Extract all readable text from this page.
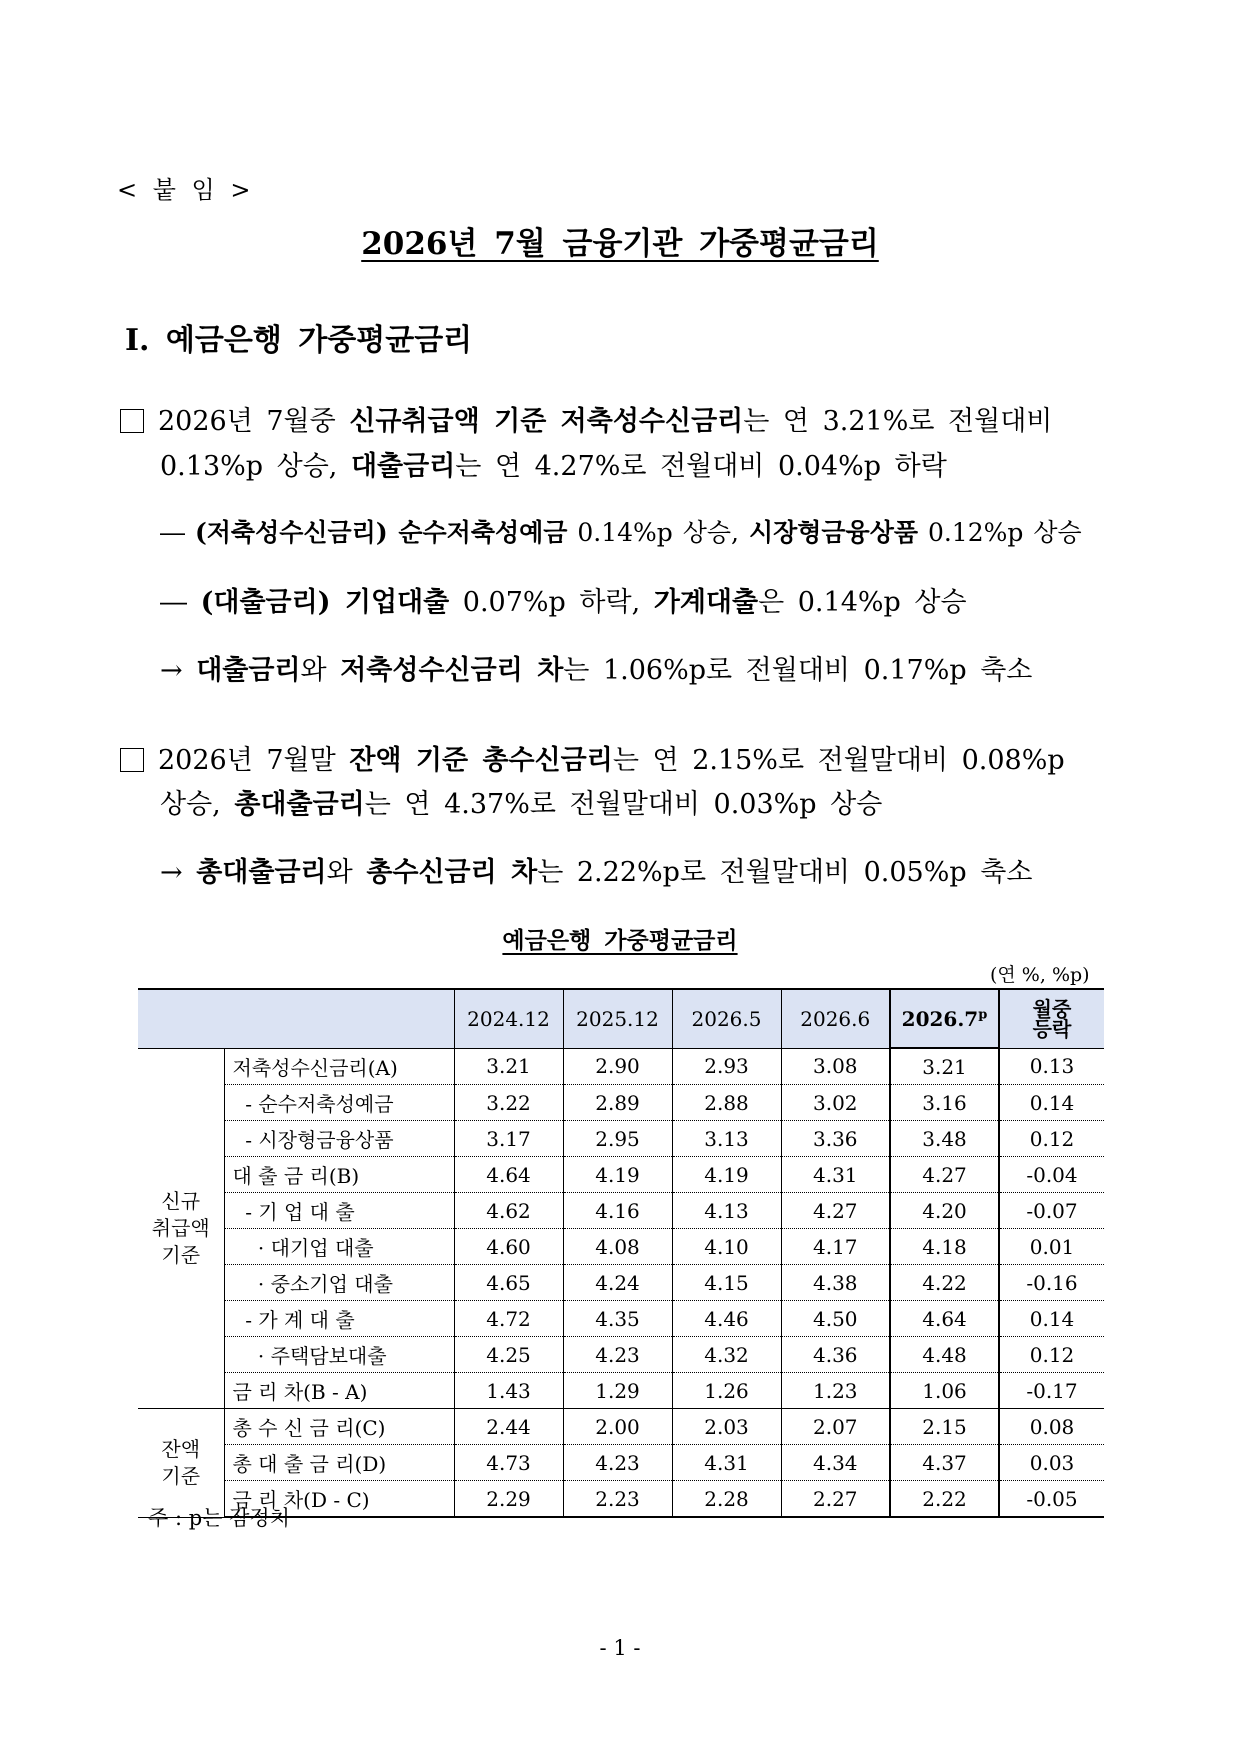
< 붙 임 >
2026년 7월 금융기관 가중평균금리
Ⅰ. 예금은행 가중평균금리
2026년 7월중 신규취급액 기준 저축성수신금리는 연 3.21%로 전월대비
0.13%p 상승, 대출금리는 연 4.27%로 전월대비 0.04%p 하락
― (저축성수신금리) 순수저축성예금 0.14%p 상승, 시장형금융상품 0.12%p 상승
― (대출금리) 기업대출 0.07%p 하락, 가계대출은 0.14%p 상승
→ 대출금리와 저축성수신금리 차는 1.06%p로 전월대비 0.17%p 축소
2026년 7월말 잔액 기준 총수신금리는 연 2.15%로 전월말대비 0.08%p
상승, 총대출금리는 연 4.37%로 전월말대비 0.03%p 상승
→ 총대출금리와 총수신금리 차는 2.22%p로 전월말대비 0.05%p 축소
예금은행 가중평균금리
(연 %, %p)
		2024.12	2025.12	2026.5	2026.6	2026.7$^p$	월중
등락
신규
취급액
기준	저축성수신금리(A)	3.21	2.90	2.93	3.08	3.21	0.13
	- 순수저축성예금	3.22	2.89	2.88	3.02	3.16	0.14
	- 시장형금융상품	3.17	2.95	3.13	3.36	3.48	0.12
	대 출 금 리(B)	4.64	4.19	4.19	4.31	4.27	-0.04
	- 기 업 대 출	4.62	4.16	4.13	4.27	4.20	-0.07
	· 대기업 대출	4.60	4.08	4.10	4.17	4.18	0.01
	· 중소기업 대출	4.65	4.24	4.15	4.38	4.22	-0.16
	- 가 계 대 출	4.72	4.35	4.46	4.50	4.64	0.14
	· 주택담보대출	4.25	4.23	4.32	4.36	4.48	0.12
	금 리 차(B - A)	1.43	1.29	1.26	1.23	1.06	-0.17
잔액
기준	총 수 신 금 리(C)	2.44	2.00	2.03	2.07	2.15	0.08
	총 대 출 금 리(D)	4.73	4.23	4.31	4.34	4.37	0.03
	금 리 차(D - C)	2.29	2.23	2.28	2.27	2.22	-0.05
주 : p는 잠정치
- 1 -
